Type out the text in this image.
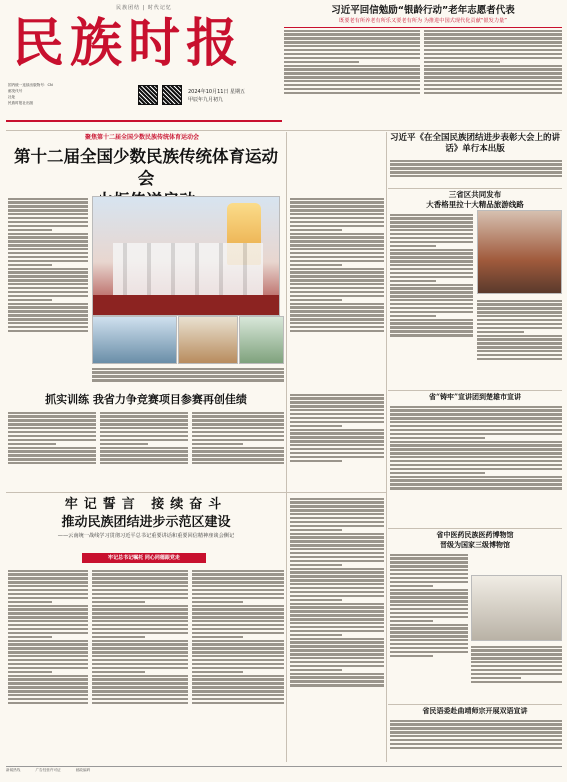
民族团结 | 时代记忆
民族时报
国内统一连续出版物号：CN
邮发代号
社址
民族时报社出版
2024年10月11日 星期五
甲辰年九月初九
习近平回信勉励“银龄行动”老年志愿者代表
既要老有所养老有所乐又要老有所为 为推进中国式现代化贡献“银发力量”
聚焦第十二届全国少数民族传统体育运动会
第十二届全国少数民族传统体育运动会
抓实训练 我省力争竞赛项目参赛再创佳绩
牢记誓言 接续奋斗
推动民族团结进步示范区建设
——云南统一战线学习贯彻习近平总书记重要讲话和重要回信精神座谈会侧记
牢记总书记嘱托 同心同德跟党走
习近平《在全国民族团结进步表彰大会上的讲话》单行本出版
三省区共同发布
大香格里拉十大精品旅游线路
省“铸牢”宣讲团到楚雄市宣讲
省中医药民族医药博物馆
晋级为国家三级博物馆
省民语委赴曲靖师宗开展双语宣讲
新闻热线	广告经营许可证	邮政编码
